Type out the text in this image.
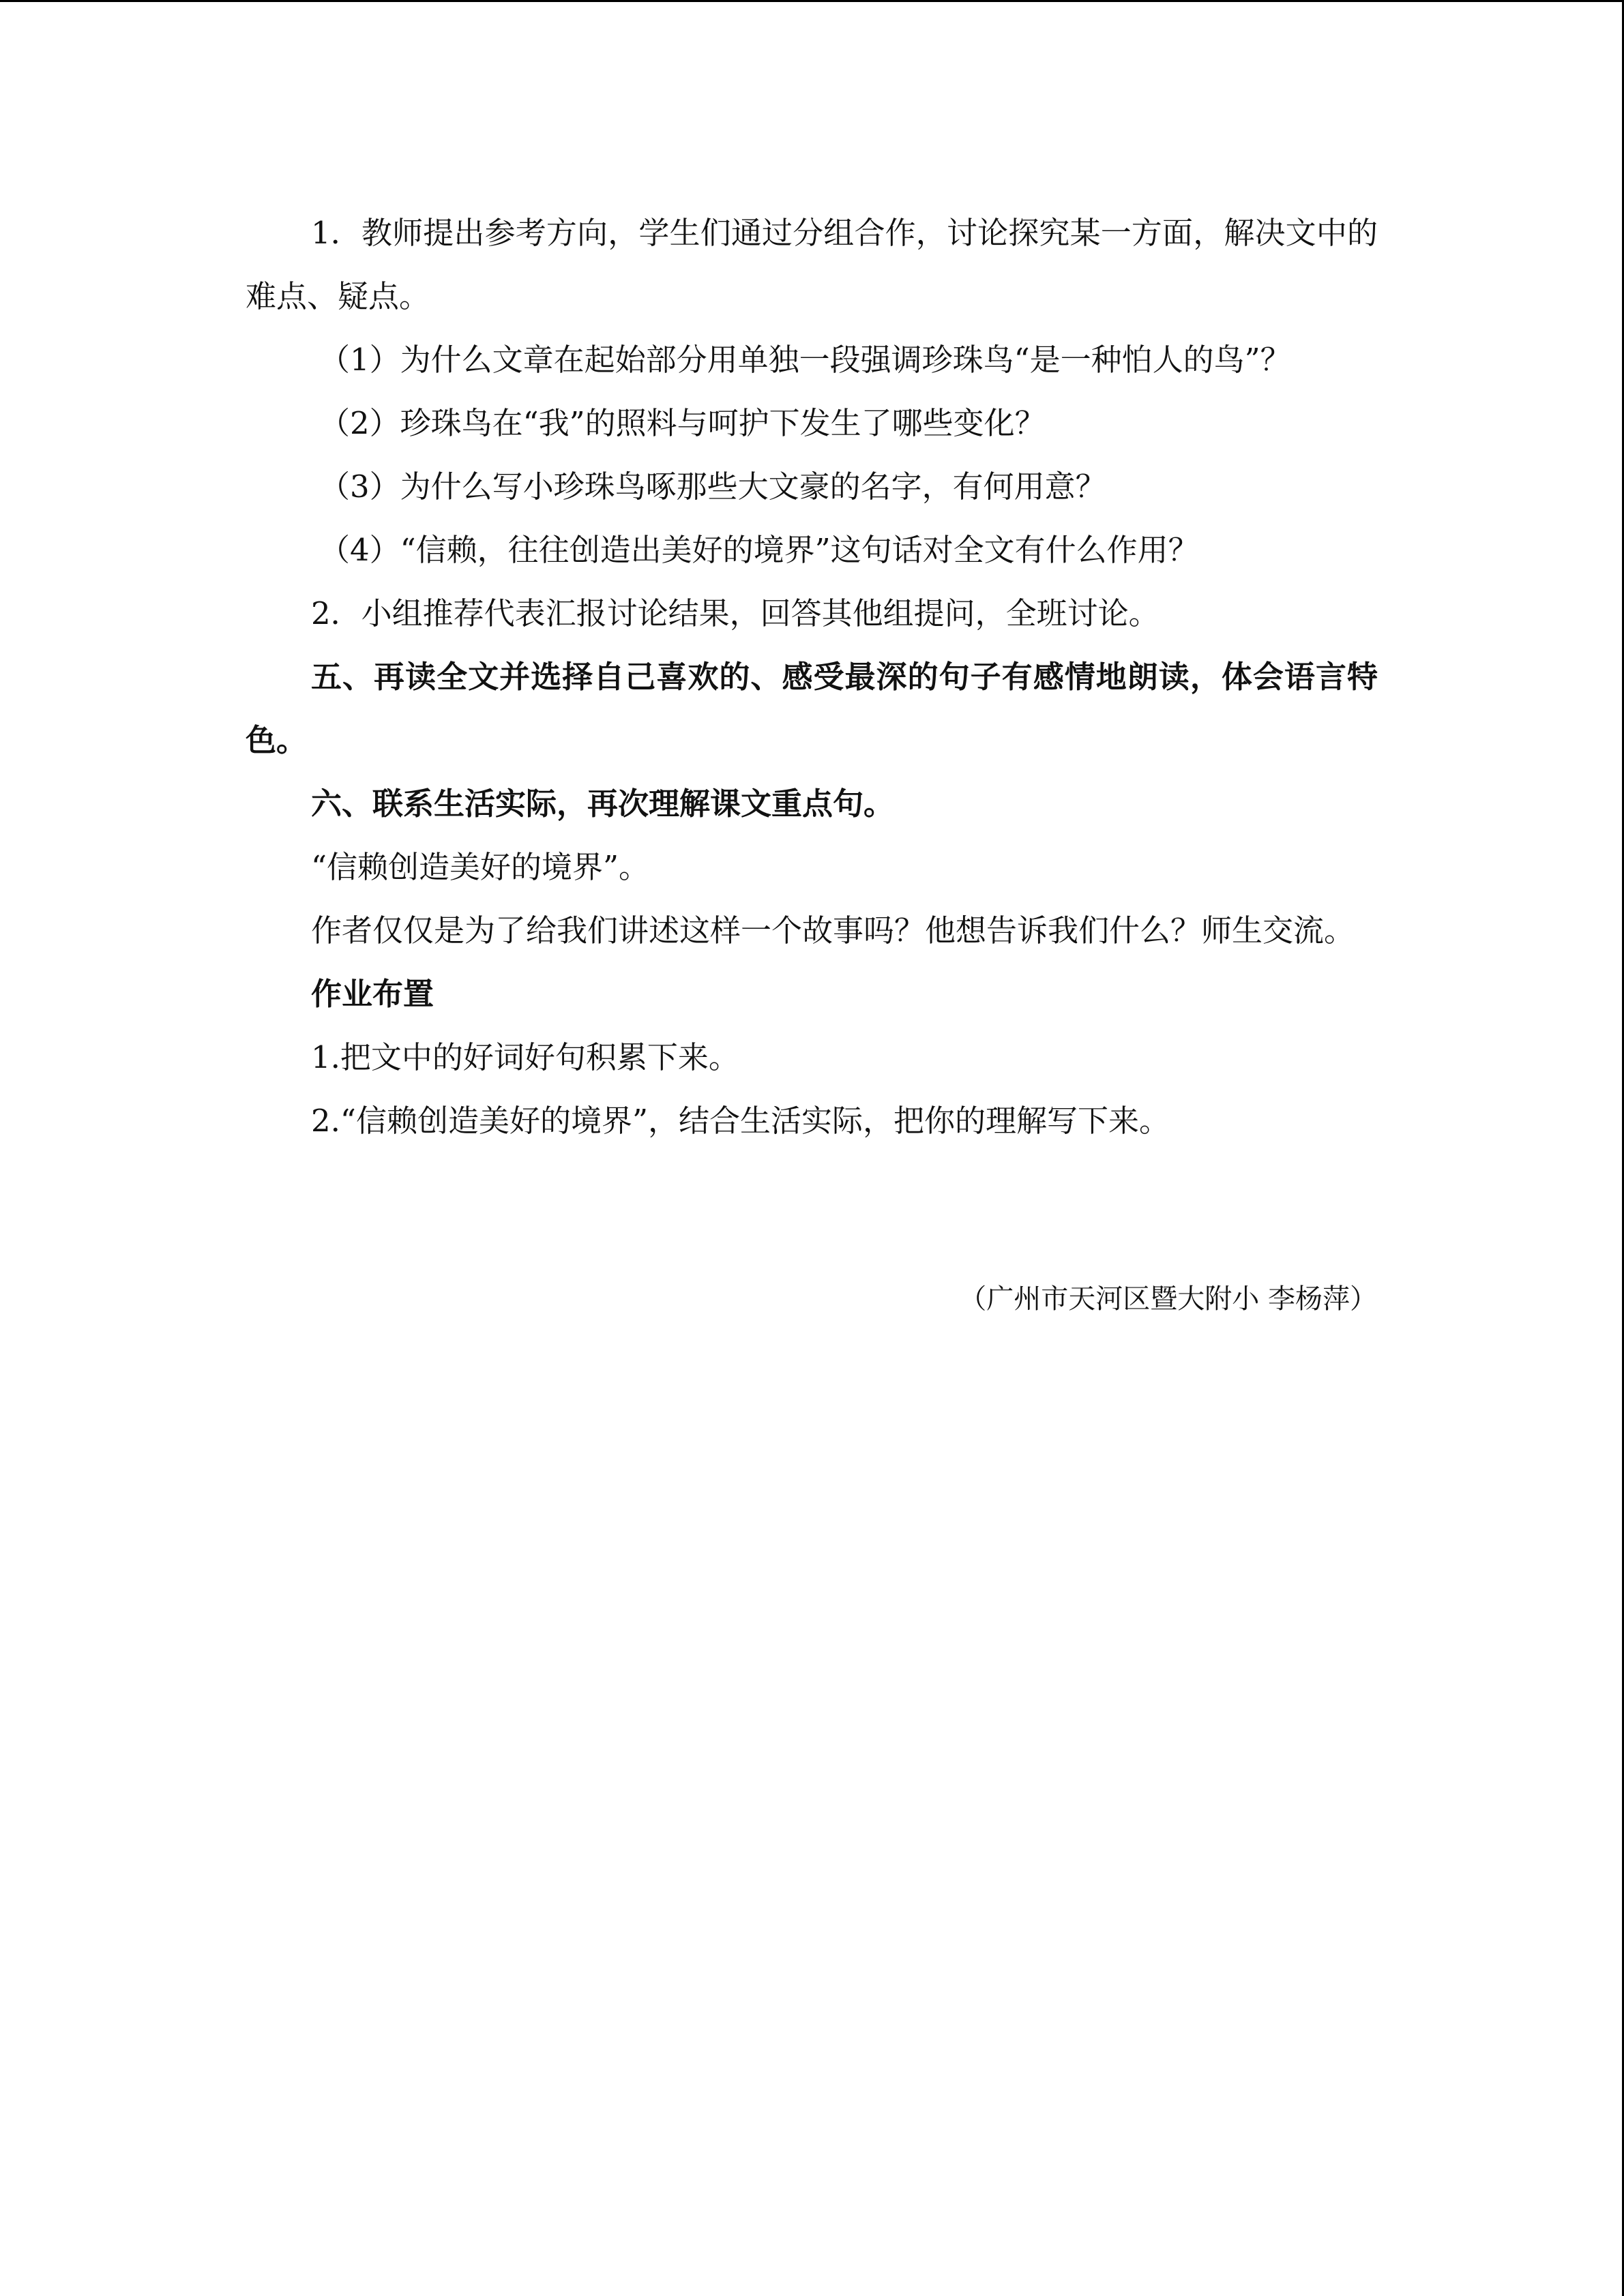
1．教师提出参考方向，学生们通过分组合作，讨论探究某一方面，解决文中的难点、疑点。

（1）为什么文章在起始部分用单独一段强调珍珠鸟“是一种怕人的鸟”？

（2）珍珠鸟在“我”的照料与呵护下发生了哪些变化？

（3）为什么写小珍珠鸟啄那些大文豪的名字，有何用意？

（4）“信赖，往往创造出美好的境界”这句话对全文有什么作用？

2．小组推荐代表汇报讨论结果，回答其他组提问，全班讨论。

五、再读全文并选择自己喜欢的、感受最深的句子有感情地朗读，体会语言特色。

六、联系生活实际，再次理解课文重点句。

“信赖创造美好的境界”。

作者仅仅是为了给我们讲述这样一个故事吗？他想告诉我们什么？师生交流。

作业布置

1.把文中的好词好句积累下来。

2.“信赖创造美好的境界”，结合生活实际，把你的理解写下来。

（广州市天河区暨大附小 李杨萍）
